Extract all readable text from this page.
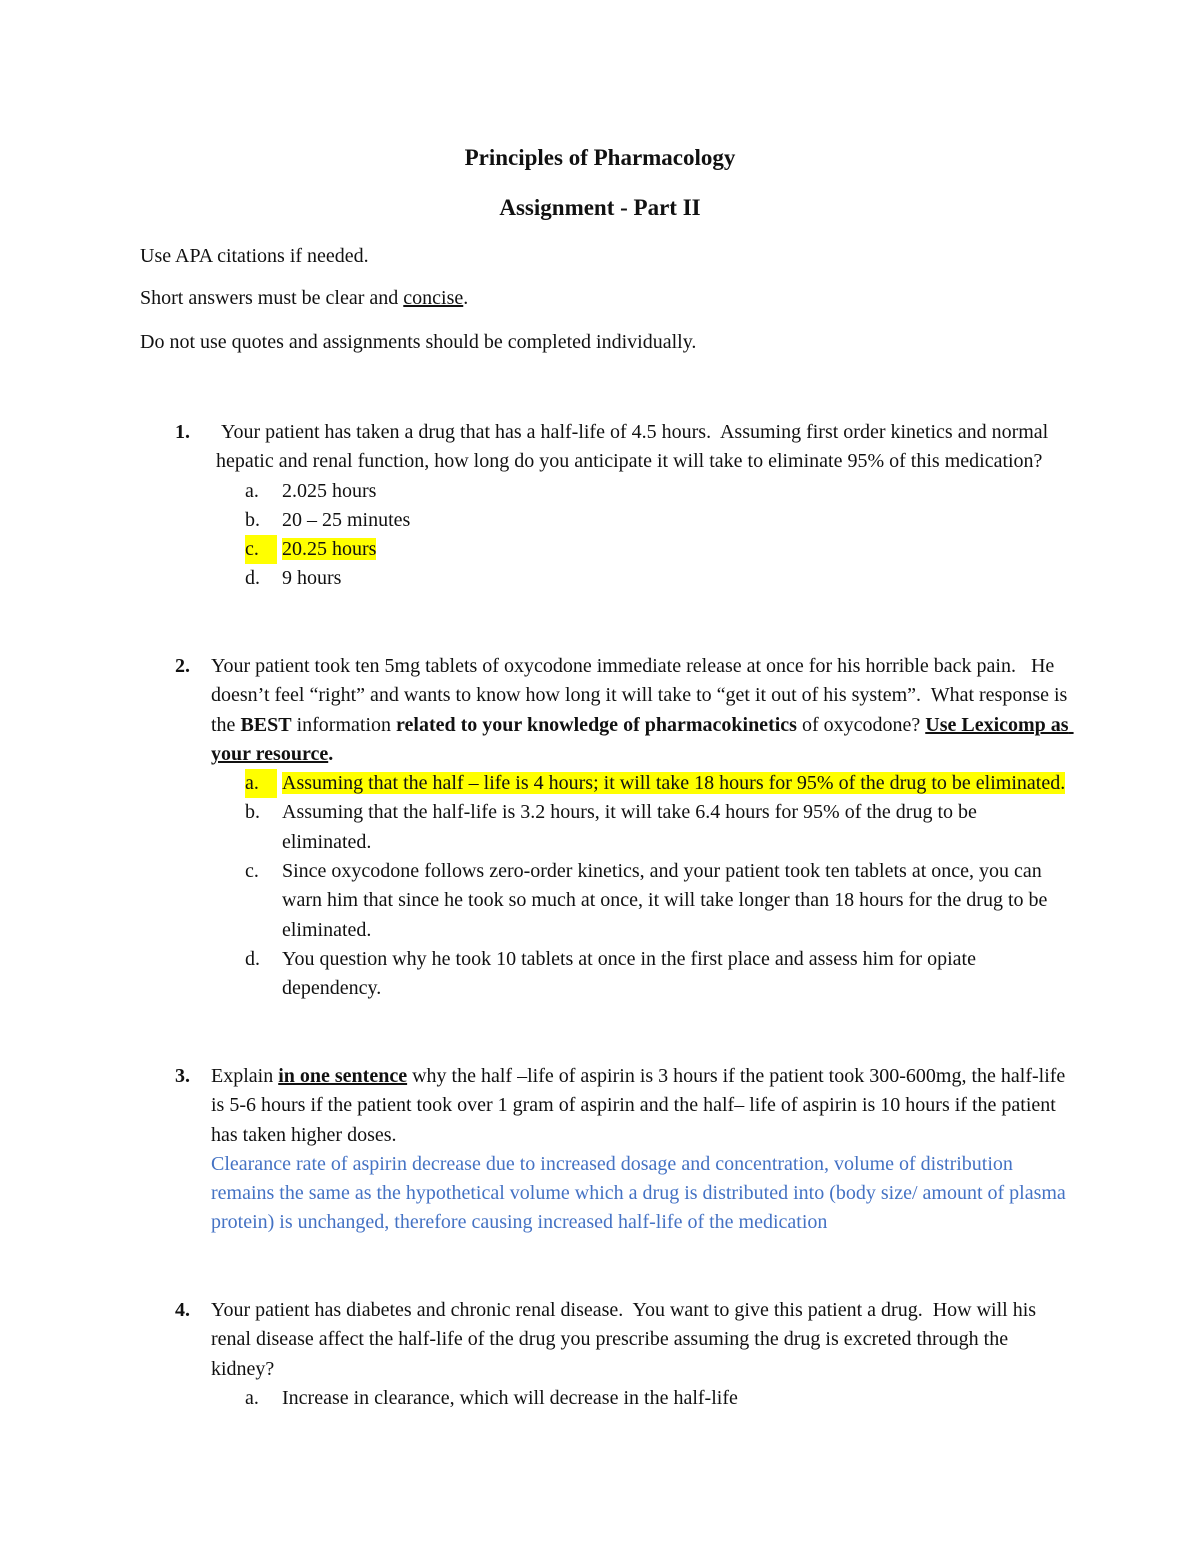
Principles of Pharmacology
Assignment - Part II
Use APA citations if needed.
Short answers must be clear and concise.
Do not use quotes and assignments should be completed individually.
1. Your patient has taken a drug that has a half-life of 4.5 hours.  Assuming first order kinetics and normal hepatic and renal function, how long do you anticipate it will take to eliminate 95% of this medication?

a. 2.025 hours
b. 20 – 25 minutes
c.	20.25 hours
d. 9 hours
2. Your patient took ten 5mg tablets of oxycodone immediate release at once for his horrible back pain.   He doesn’t feel “right” and wants to know how long it will take to “get it out of his system”.  What response is the BEST information related to your knowledge of pharmacokinetics of oxycodone? Use Lexicomp as your resource.

a.	Assuming that the half – life is 4 hours; it will take 18 hours for 95% of the drug to be eliminated.
b. Assuming that the half-life is 3.2 hours, it will take 6.4 hours for 95% of the drug to be eliminated.
c. Since oxycodone follows zero-order kinetics, and your patient took ten tablets at once, you can warn him that since he took so much at once, it will take longer than 18 hours for the drug to be eliminated.
d. You question why he took 10 tablets at once in the first place and assess him for opiate dependency.
3. Explain in one sentence why the half –life of aspirin is 3 hours if the patient took 300-600mg, the half-life is 5-6 hours if the patient took over 1 gram of aspirin and the half– life of aspirin is 10 hours if the patient has taken higher doses.

Clearance rate of aspirin decrease due to increased dosage and concentration, volume of distribution remains the same as the hypothetical volume which a drug is distributed into (body size/ amount of plasma protein) is unchanged, therefore causing increased half-life of the medication

4. Your patient has diabetes and chronic renal disease.  You want to give this patient a drug.  How will his renal disease affect the half-life of the drug you prescribe assuming the drug is excreted through the kidney?

a. Increase in clearance, which will decrease in the half-life
